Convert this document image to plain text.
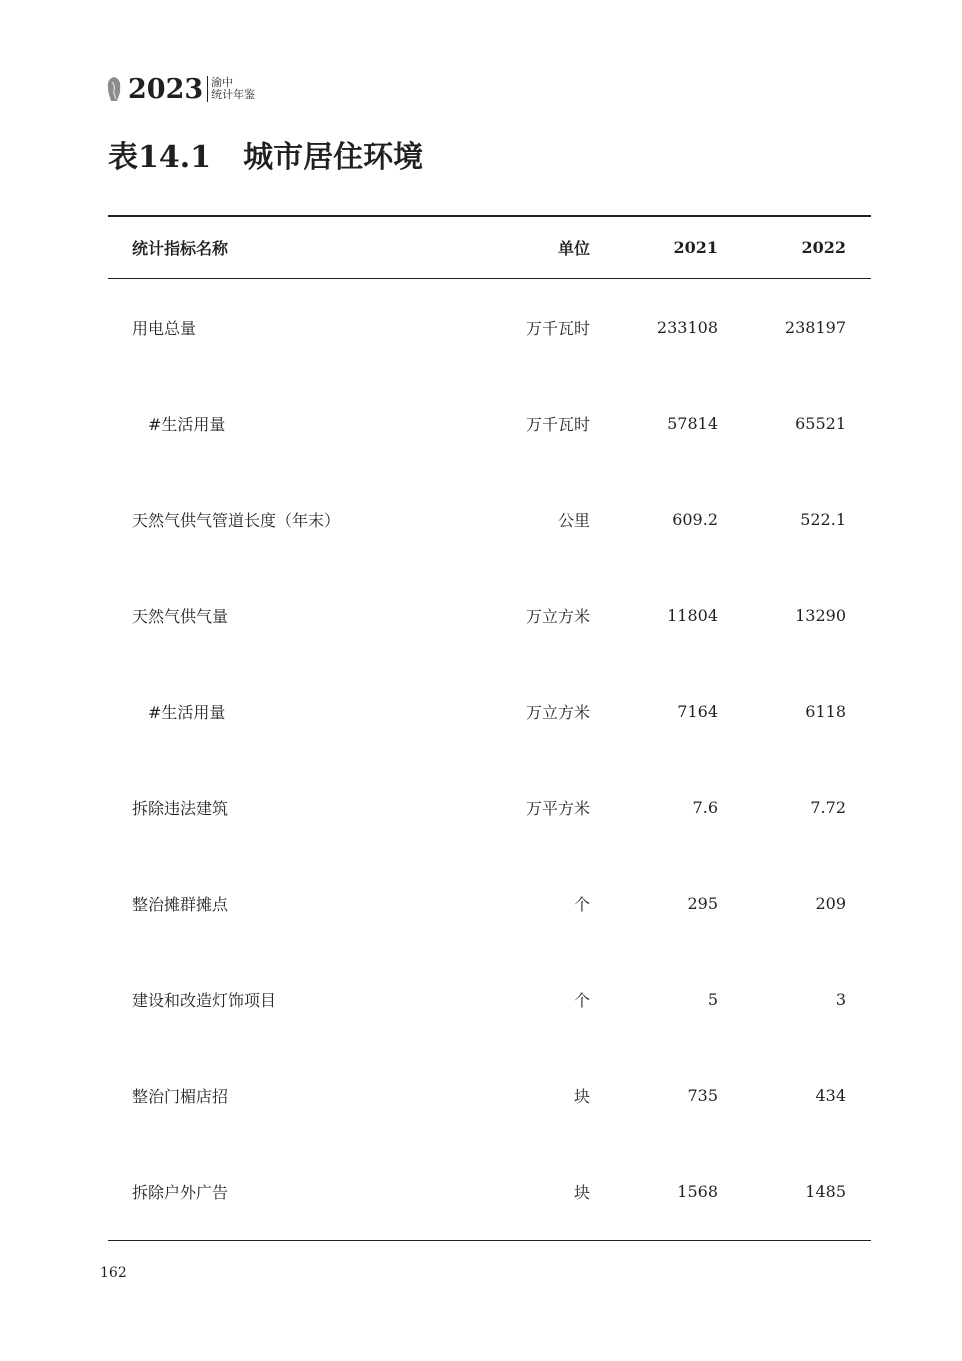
2023 渝中
统计年鉴
表14.1 城市居住环境
统计指标名称	单位	2021	2022
用电总量	万千瓦时	233108	238197
#生活用量	万千瓦时	57814	65521
天然气供气管道长度（年末）	公里	609.2	522.1
天然气供气量	万立方米	11804	13290
#生活用量	万立方米	7164	6118
拆除违法建筑	万平方米	7.6	7.72
整治摊群摊点	个	295	209
建设和改造灯饰项目	个	5	3
整治门楣店招	块	735	434
拆除户外广告	块	1568	1485
162
